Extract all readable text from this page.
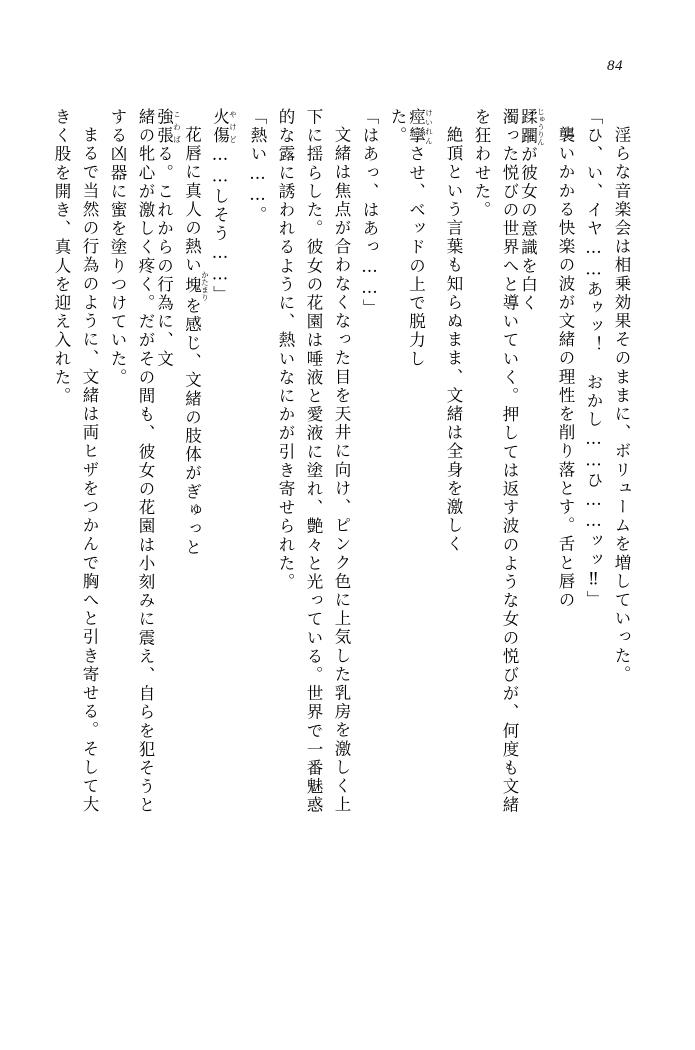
84
淫らな音楽会は相乗効果そのままに、ボリュームを増していった。
「ひ、い、イヤ……あゥッ！　おかし……ひ……ッッ‼」
襲いかかる快楽の波が文緒の理性を削り落とす。舌と唇の
蹂躙 じゅうりんが彼女の意識を白く
濁った悦びの世界へと導いていく。押しては返す波のような女の悦びが、何度も文緒
を狂わせた。
絶頂という言葉も知らぬまま、文緒は全身を激しく
痙攣 けいれんさせ、ベッドの上で脱力し
た。
「はあっ、はあっ……」
文緒は焦点が合わなくなった目を天井に向け、ピンク色に上気した乳房を激しく上
下に揺らした。彼女の花園は唾液と愛液に塗れ、艶々と光っている。世界で一番魅惑
的な露に誘われるように、熱いなにかが引き寄せられた。
「熱い……。
火傷 やけど……しそう……」
花唇に真人の熱い塊 かたまりを感じ、文緒の肢体がぎゅっと
強張 こわばる。これからの行為に、文
緒の牝心が激しく疼く。だがその間も、彼女の花園は小刻みに震え、自らを犯そうと
する凶器に蜜を塗りつけていた。
まるで当然の行為のように、文緒は両ヒザをつかんで胸へと引き寄せる。そして大
きく股を開き、真人を迎え入れた。
